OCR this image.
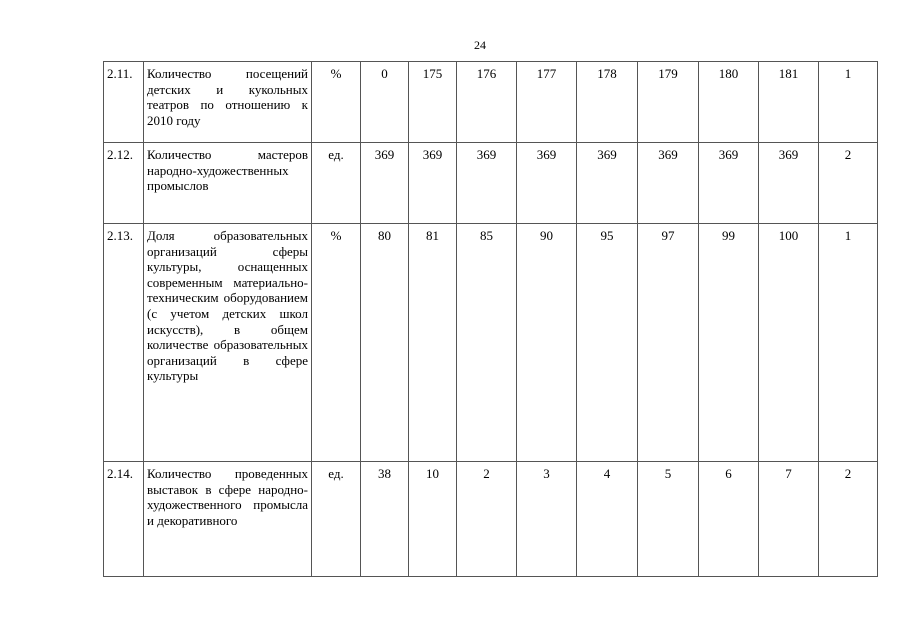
24
2.11.	Количество посещений детских и кукольных театров по отношению к 2010 году	%	0	175	176	177	178	179	180	181	1
2.12.	Количество мастеров народно-художественных промыслов	ед.	369	369	369	369	369	369	369	369	2
2.13.	Доля образовательных организаций сферы культуры, оснащенных современным материально-техническим оборудованием (с учетом детских школ искусств), в общем количестве образовательных организаций в сфере культуры	%	80	81	85	90	95	97	99	100	1
2.14.	Количество проведенных выставок в сфере народно-художественного промысла и декоративного	ед.	38	10	2	3	4	5	6	7	2
